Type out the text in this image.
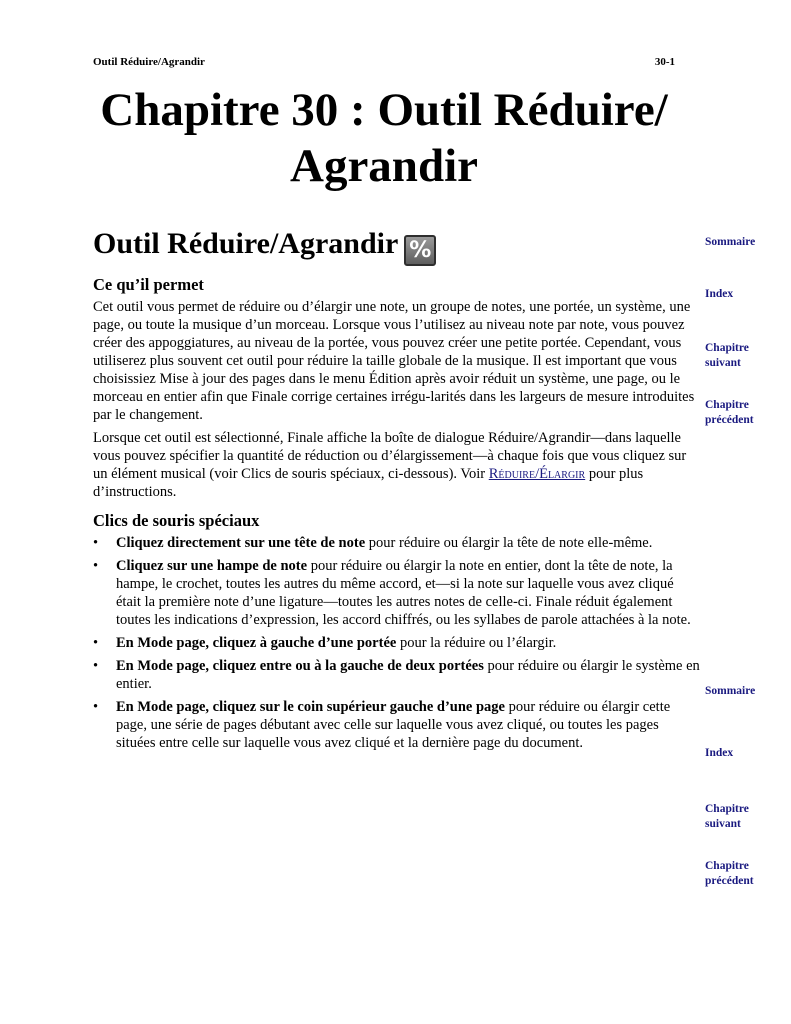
Outil Réduire/Agrandir	30-1
Chapitre 30 : Outil Réduire/
Agrandir
Outil Réduire/Agrandir %
Ce qu’il permet

Cet outil vous permet de réduire ou d’élargir une note, un groupe de notes, une portée, un système, une page, ou toute la musique d’un morceau. Lorsque vous l’utilisez au niveau note par note, vous pouvez créer des appoggiatures, au niveau de la portée, vous pouvez créer une petite portée. Cependant, vous utiliserez plus souvent cet outil pour réduire la taille globale de la musique. Il est important que vous choisissiez Mise à jour des pages dans le menu Édition après avoir réduit un système, une page, ou le morceau en entier afin que Finale corrige certaines irrégu-larités dans les largeurs de mesure introduites par le changement.

Lorsque cet outil est sélectionné, Finale affiche la boîte de dialogue Réduire/Agrandir—dans laquelle vous pouvez spécifier la quantité de réduction ou d’élargissement—à chaque fois que vous cliquez sur un élément musical (voir Clics de souris spéciaux, ci-dessous). Voir Réduire/Élargir pour plus d’instructions.

Clics de souris spéciaux
• Cliquez directement sur une tête de note pour réduire ou élargir la tête de note elle-même.
• Cliquez sur une hampe de note pour réduire ou élargir la note en entier, dont la tête de note, la hampe, le crochet, toutes les autres du même accord, et—si la note sur laquelle vous avez cliqué était la première note d’une ligature—toutes les autres notes de celle-ci. Finale réduit également toutes les indications d’expression, les accord chiffrés, ou les syllabes de parole attachées à la note.
• En Mode page, cliquez à gauche d’une portée pour la réduire ou l’élargir.
• En Mode page, cliquez entre ou à la gauche de deux portées pour réduire ou élargir le système en entier.
• En Mode page, cliquez sur le coin supérieur gauche d’une page pour réduire ou élargir cette page, une série de pages débutant avec celle sur laquelle vous avez cliqué, ou toutes les pages situées entre celle sur laquelle vous avez cliqué et la dernière page du document.
Sommaire
Index
Chapitre suivant
Chapitre précédent
Sommaire
Index
Chapitre suivant
Chapitre précédent
